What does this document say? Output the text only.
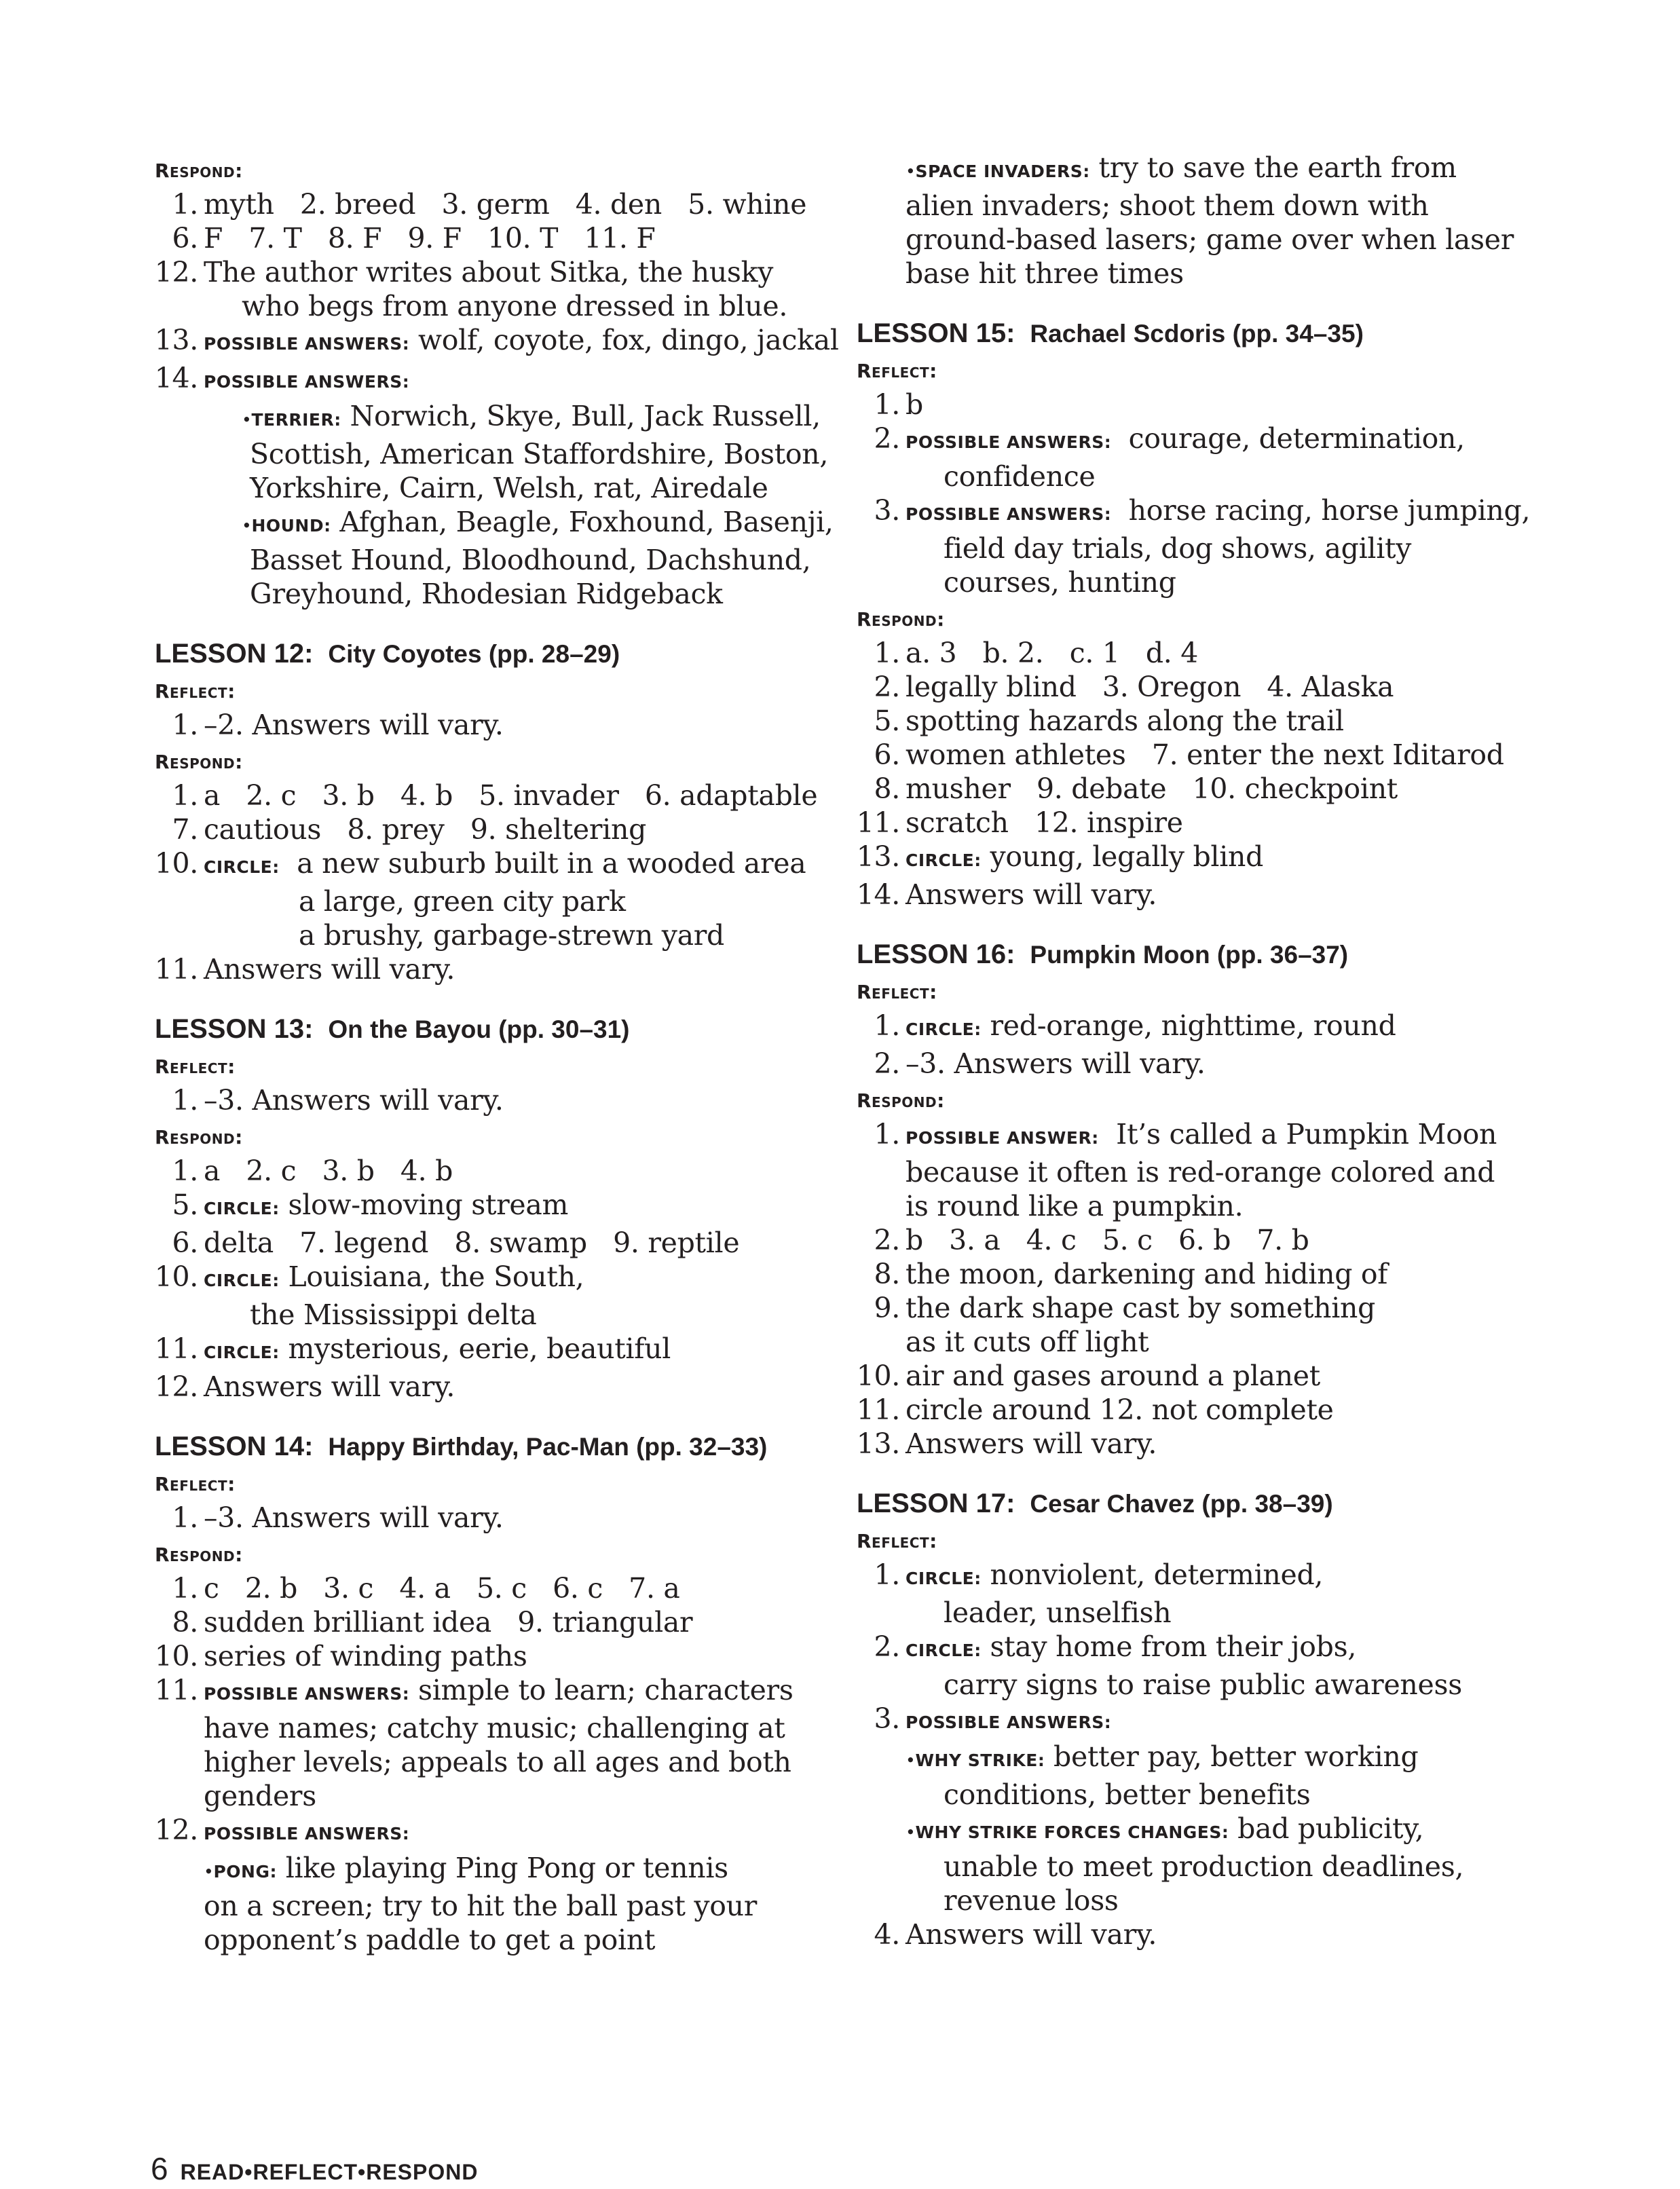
Respond:
1. myth   2. breed   3. germ   4. den   5. whine
6. F   7. T   8. F   9. F   10. T   11. F
12. The author writes about Sitka, the husky
who begs from anyone dressed in blue.
13. POSSIBLE ANSWERS: wolf, coyote, fox, dingo, jackal
14. POSSIBLE ANSWERS:
•TERRIER: Norwich, Skye, Bull, Jack Russell,
Scottish, American Staffordshire, Boston,
Yorkshire, Cairn, Welsh, rat, Airedale
•HOUND: Afghan, Beagle, Foxhound, Basenji,
Basset Hound, Bloodhound, Dachshund,
Greyhound, Rhodesian Ridgeback
LESSON 12: City Coyotes (pp. 28–29)
Reflect:
1. –2. Answers will vary.
Respond:
1. a   2. c   3. b   4. b   5. invader   6. adaptable
7. cautious   8. prey   9. sheltering
10. CIRCLE:  a new suburb built in a wooded area
a large, green city park
a brushy, garbage-strewn yard
11. Answers will vary.
LESSON 13: On the Bayou (pp. 30–31)
Reflect:
1. –3. Answers will vary.
Respond:
1. a   2. c   3. b   4. b
5. CIRCLE: slow-moving stream
6. delta   7. legend   8. swamp   9. reptile
10. CIRCLE: Louisiana, the South,
the Mississippi delta
11. CIRCLE: mysterious, eerie, beautiful
12. Answers will vary.
LESSON 14: Happy Birthday, Pac-Man (pp. 32–33)
Reflect:
1. –3. Answers will vary.
Respond:
1. c   2. b   3. c   4. a   5. c   6. c   7. a
8. sudden brilliant idea   9. triangular
10. series of winding paths
11. POSSIBLE ANSWERS: simple to learn; characters
have names; catchy music; challenging at
higher levels; appeals to all ages and both
genders
12. POSSIBLE ANSWERS:
•PONG: like playing Ping Pong or tennis
on a screen; try to hit the ball past your
opponent’s paddle to get a point
•SPACE INVADERS: try to save the earth from
alien invaders; shoot them down with
ground-based lasers; game over when laser
base hit three times
LESSON 15: Rachael Scdoris (pp. 34–35)
Reflect:
1. b
2. POSSIBLE ANSWERS:  courage, determination,
confidence
3. POSSIBLE ANSWERS:  horse racing, horse jumping,
field day trials, dog shows, agility
courses, hunting
Respond:
1. a. 3   b. 2.   c. 1   d. 4
2. legally blind   3. Oregon   4. Alaska
5. spotting hazards along the trail
6. women athletes   7. enter the next Iditarod
8. musher   9. debate   10. checkpoint
11. scratch   12. inspire
13. CIRCLE: young, legally blind
14. Answers will vary.
LESSON 16: Pumpkin Moon (pp. 36–37)
Reflect:
1. CIRCLE: red-orange, nighttime, round
2. –3. Answers will vary.
Respond:
1. POSSIBLE ANSWER:  It’s called a Pumpkin Moon
because it often is red-orange colored and
is round like a pumpkin.
2. b   3. a   4. c   5. c   6. b   7. b
8. the moon, darkening and hiding of
9. the dark shape cast by something
as it cuts off light
10. air and gases around a planet
11. circle around 12. not complete
13. Answers will vary.
LESSON 17: Cesar Chavez (pp. 38–39)
Reflect:
1. CIRCLE: nonviolent, determined,
leader, unselfish
2. CIRCLE: stay home from their jobs,
carry signs to raise public awareness
3. POSSIBLE ANSWERS:
•WHY STRIKE: better pay, better working
conditions, better benefits
•WHY STRIKE FORCES CHANGES: bad publicity,
unable to meet production deadlines,
revenue loss
4. Answers will vary.
6 READ•REFLECT•RESPOND
